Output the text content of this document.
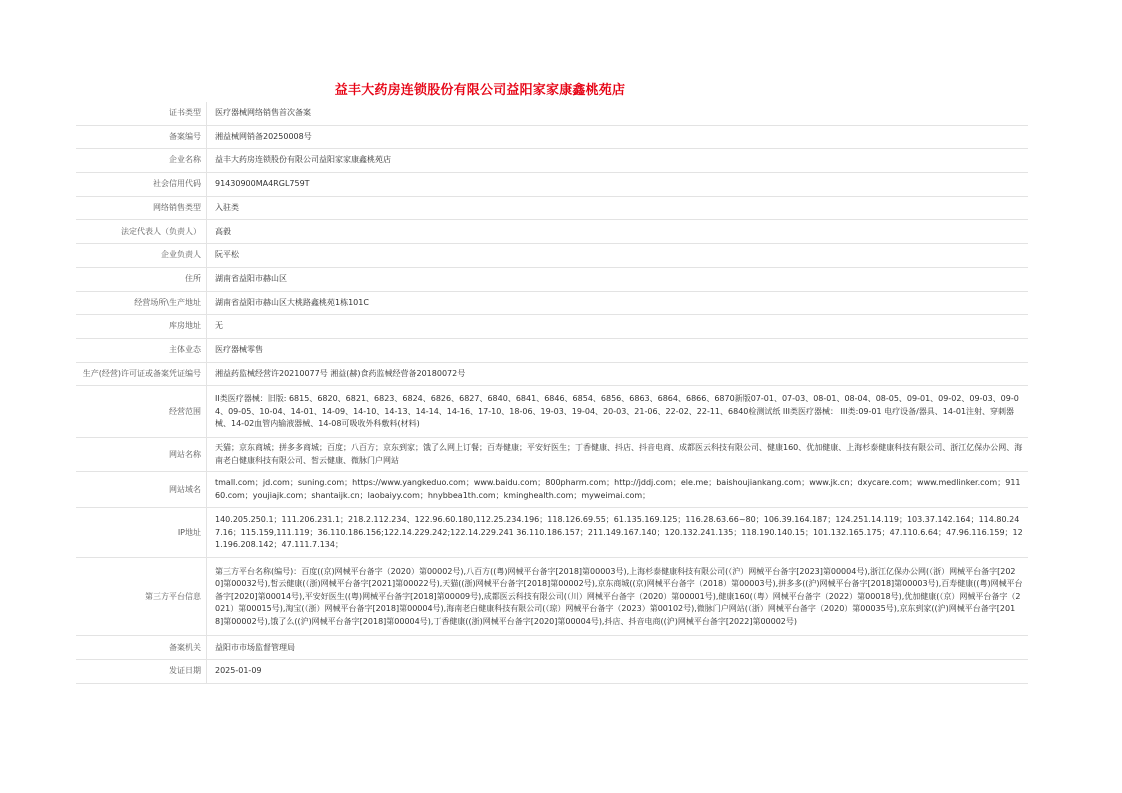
益丰大药房连锁股份有限公司益阳家家康鑫桃苑店
证书类型	医疗器械网络销售首次备案
备案编号	湘益械网销备20250008号
企业名称	益丰大药房连锁股份有限公司益阳家家康鑫桃苑店
社会信用代码	91430900MA4RGL759T
网络销售类型	入驻类
法定代表人（负责人）	高毅
企业负责人	阮平松
住所	湖南省益阳市赫山区
经营场所\生产地址	湖南省益阳市赫山区大桃路鑫桃苑1栋101C
库房地址	无
主体业态	医疗器械零售
生产(经营)许可证或备案凭证编号	湘益药监械经营许20210077号 湘益(赫)食药监械经营备20180072号
经营范围	II类医疗器械：旧版: 6815、6820、6821、6823、6824、6826、6827、6840、6841、6846、6854、6856、6863、6864、6866、6870新版07-01、07-03、08-01、08-04、08-05、09-01、09-02、09-03、09-04、09-05、10-04、14-01、14-09、14-10、14-13、14-14、14-16、17-10、18-06、19-03、19-04、20-03、21-06、22-02、22-11、6840检测试纸 III类医疗器械： III类:09-01 电疗设备/器具、14-01注射、穿刺器械、14-02血管内输液器械、14-08可吸收外科敷料(材料)
网站名称	天猫；京东商城；拼多多商城；百度；八百方；京东到家；饿了么网上订餐；百寿健康；平安好医生；丁香健康、抖店、抖音电商、成都医云科技有限公司、健康160、优加健康、上海杉泰健康科技有限公司、浙江亿保办公网、海南老白健康科技有限公司、皙云健康、微脉门户网站
网站域名	tmall.com；jd.com；suning.com；https://www.yangkeduo.com；www.baidu.com；800pharm.com；http://jddj.com；ele.me；baishoujiankang.com；www.jk.cn；dxycare.com；www.medlinker.com；91160.com；youjiajk.com；shantaijk.cn；laobaiyy.com；hnybbea1th.com；kminghealth.com；myweimai.com；
IP地址	140.205.250.1；111.206.231.1；218.2.112.234、122.96.60.180,112.25.234.196；118.126.69.55；61.135.169.125；116.28.63.66~80；106.39.164.187；124.251.14.119；103.37.142.164；114.80.247.16；115.159,111.119；36.110.186.156;122.14.229.242;122.14.229.241 36.110.186.157；211.149.167.140；120.132.241.135；118.190.140.15；101.132.165.175；47.110.6.64；47.96.116.159；121.196.208.142；47.111.7.134；
第三方平台信息	第三方平台名称(编号)：百度((京)网械平台备字（2020）第00002号),八百方((粤)网械平台备字[2018]第00003号),上海杉泰健康科技有限公司(（沪）网械平台备字[2023]第00004号),浙江亿保办公网(（浙）网械平台备字[2020]第00032号),皙云健康(（浙)网械平台备字[2021]第00022号),天猫((浙)网械平台备字[2018]第00002号),京东商城((京)网械平台备字（2018）第00003号),拼多多((沪)网械平台备字[2018]第00003号),百寿健康((粤)网械平台备字[2020]第00014号),平安好医生((粤)网械平台备字[2018]第00009号),成都医云科技有限公司(（川）网械平台备字（2020）第00001号),健康160(（粤）网械平台备字（2022）第00018号),优加健康(（京）网械平台备字（2021）第00015号),淘宝(（浙）网械平台备字[2018]第00004号),海南老白健康科技有限公司(（琼）网械平台备字（2023）第00102号),微脉门户网站(（浙）网械平台备字（2020）第00035号),京东到家((沪)网械平台备字[2018]第00002号),饿了么((沪)网械平台备字[2018]第00004号),丁香健康((浙)网械平台备字[2020]第00004号),抖店、抖音电商((沪)网械平台备字[2022]第00002号)
备案机关	益阳市市场监督管理局
发证日期	2025-01-09
